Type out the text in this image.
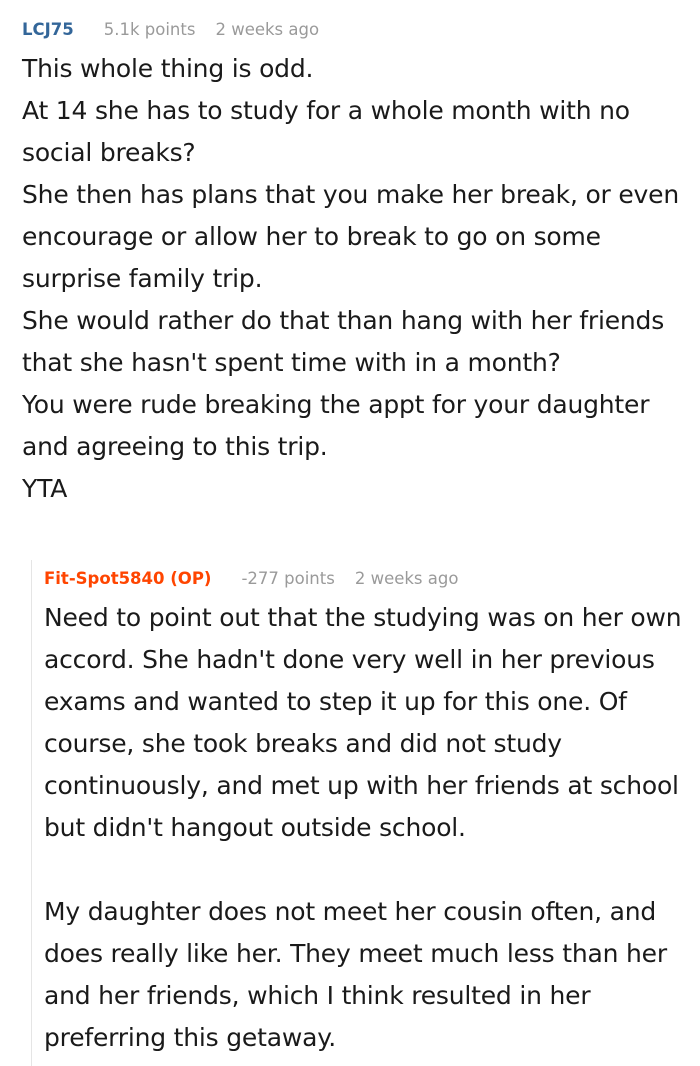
LCJ75 5.1k points 2 weeks ago

This whole thing is odd.

At 14 she has to study for a whole month with no social breaks?

She then has plans that you make her break, or even encourage or allow her to break to go on some surprise family trip.

She would rather do that than hang with her friends that she hasn't spent time with in a month?

You were rude breaking the appt for your daughter and agreeing to this trip.

YTA

Fit-Spot5840 (OP) -277 points 2 weeks ago

Need to point out that the studying was on her own accord. She hadn't done very well in her previous exams and wanted to step it up for this one. Of course, she took breaks and did not study continuously, and met up with her friends at school but didn't hangout outside school.

My daughter does not meet her cousin often, and does really like her. They meet much less than her and her friends, which I think resulted in her preferring this getaway.
